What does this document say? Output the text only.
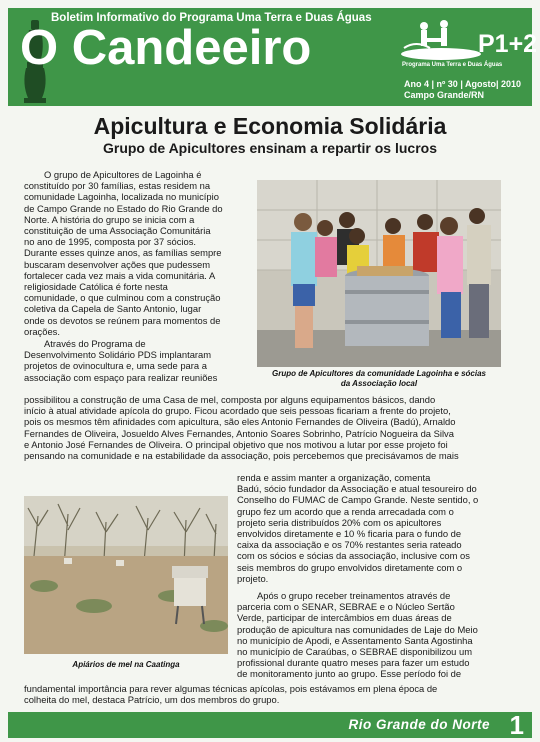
Boletim Informativo do Programa Uma Terra e Duas Águas
O Candeeiro	P1+2
Programa Uma Terra e Duas Águas
Ano 4 | nº 30 | Agosto| 2010
Campo Grande/RN
Apicultura e Economia Solidária
Grupo de Apicultores ensinam a repartir os lucros
O grupo de Apicultores de Lagoinha é
constituído por 30 famílias, estas residem na
comunidade Lagoinha, localizada no município
de Campo Grande no Estado do Rio Grande do
Norte. A história do grupo se inicia com a
constituição de uma Associação Comunitária
no ano de 1995, composta por 37 sócios.
Durante esses quinze anos, as famílias sempre
buscaram desenvolver ações que pudessem
fortalecer cada vez mais a vida comunitária. A
religiosidade Católica é forte nesta
comunidade, o que culminou com a construção
coletiva da Capela de Santo Antonio, lugar
onde os devotos se reúnem para momentos de
orações.
Através do Programa de
Desenvolvimento Solidário PDS implantaram
projetos de ovinocultura e, uma sede para a
associação com espaço para realizar reuniões	Grupo de Apicultores da comunidade Lagoinha e sócias
da Associação local
possibilitou a construção de uma Casa de mel, composta por alguns equipamentos básicos, dando
início à atual atividade apícola do grupo. Ficou acordado que seis pessoas ficariam a frente do projeto,
pois os mesmos têm afinidades com apicultura, são eles Antonio Fernandes de Oliveira (Badú), Arnaldo
Fernandes de Oliveira, Josueldo Alves Fernandes, Antonio Soares Sobrinho, Patrício Nogueira da Silva
e Antonio José Fernandes de Oliveira. O principal objetivo que nos motivou a lutar por esse projeto foi
pensando na comunidade e na estabilidade da associação, pois percebemos que precisávamos de mais
Apiários de mel na Caatinga
renda e assim manter a organização, comenta
Badú, sócio fundador da Associação e atual tesoureiro do
Conselho do FUMAC de Campo Grande. Neste sentido, o
grupo fez um acordo que a renda arrecadada com o
projeto seria distribuídos 20% com os apicultores
envolvidos diretamente e 10 % ficaria para o fundo de
caixa da associação e os 70% restantes seria rateado
com os sócios e sócias da associação, inclusive com os
seis membros do grupo envolvidos diretamente com o
projeto.
Após o grupo receber treinamentos através de
parceria com o SENAR, SEBRAE e o Núcleo Sertão
Verde, participar de intercâmbios em duas áreas de
produção de apicultura nas comunidades de Laje do Meio
no município de Apodi, e Assentamento Santa Agostinha
no município de Caraúbas, o SEBRAE disponibilizou um
profissional durante quatro meses para fazer um estudo
de monitoramento junto ao grupo. Esse período foi de
fundamental importância para rever algumas técnicas apícolas, pois estávamos em plena época de
colheita do mel, destaca Patrício, um dos membros do grupo.
Rio Grande do Norte 1
